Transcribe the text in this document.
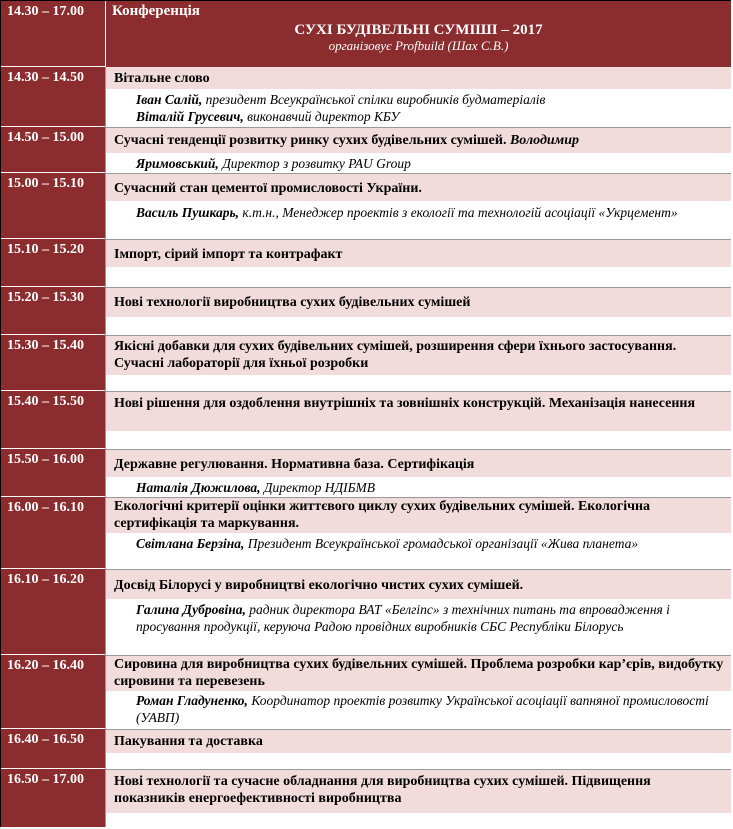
14.30 – 17.00	Конференція
СУХІ БУДІВЕЛЬНІ СУМІШІ – 2017
організовує Profbuild (Шах С.В.)
14.30 – 14.50	Вітальне слово
Іван Салій, президент Всеукраїнської спілки виробників будматеріалів
Віталій Грусевич, виконавчий директор КБУ
14.50 – 15.00	Сучасні тенденції розвитку ринку сухих будівельних сумішей. Володимир
Яримовський, Директор з розвитку PAU Group
15.00 – 15.10	Сучасний стан цементої промисловості України.
Василь Пушкарь, к.т.н., Менеджер проектів з екології та технологій асоціації «Укрцемент»
15.10 – 15.20	Імпорт, сірий імпорт та контрафакт
15.20 – 15.30	Нові технології виробництва сухих будівельних сумішей
15.30 – 15.40	Якісні добавки для сухих будівельних сумішей, розширення сфери їхнього застосування. Сучасні лабораторії для їхньої розробки
15.40 – 15.50	Нові рішення для оздоблення внутрішніх та зовнішніх конструкцій. Механізація нанесення
15.50 – 16.00	Державне регулювання. Нормативна база. Сертифікація
Наталія Дюжилова, Директор НДІБМВ
16.00 – 16.10	Екологічні критерії оцінки життєвого циклу сухих будівельних сумішей. Екологічна сертифікація та маркування.
Світлана Берзіна, Президент Всеукраїнської громадської організації «Жива планета»
16.10 – 16.20	Досвід Білорусі у виробництві екологічно чистих сухих сумішей.
Галина Дубровіна, радник директора ВАТ «Белгіпс» з технічних питань та впровадження і просування продукції, керуюча Радою провідних виробників СБС Республіки Білорусь
16.20 – 16.40	Сировина для виробництва сухих будівельних сумішей. Проблема розробки кар’єрів, видобутку сировини та перевезень
Роман Гладуненко, Координатор проектів розвитку Української асоціації вапняної промисловості (УАВП)
16.40 – 16.50	Пакування та доставка
16.50 – 17.00	Нові технології та сучасне обладнання для виробництва сухих сумішей. Підвищення показників енергоефективності виробництва
